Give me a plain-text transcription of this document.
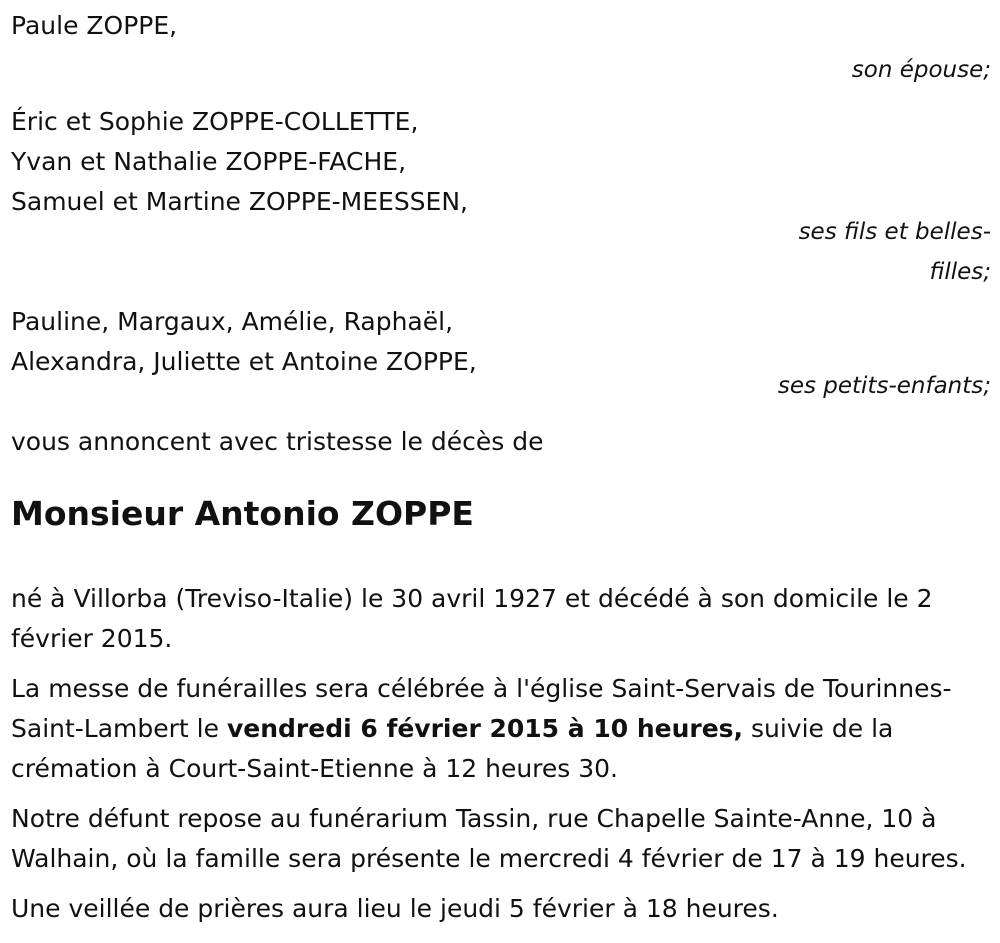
Paule ZOPPE,
son épouse;
Éric et Sophie ZOPPE-COLLETTE,
Yvan et Nathalie ZOPPE-FACHE,
Samuel et Martine ZOPPE-MEESSEN,
ses fils et belles-
filles;
Pauline, Margaux, Amélie, Raphaël,
Alexandra, Juliette et Antoine ZOPPE,
ses petits-enfants;
vous annoncent avec tristesse le décès de
Monsieur Antonio ZOPPE

né à Villorba (Treviso-Italie) le 30 avril 1927 et décédé à son domicile le 2 février 2015.

La messe de funérailles sera célébrée à l'église Saint-Servais de Tourinnes-Saint-Lambert le vendredi 6 février 2015 à 10 heures, suivie de la crémation à Court-Saint-Etienne à 12 heures 30.

Notre défunt repose au funérarium Tassin, rue Chapelle Sainte-Anne, 10 à Walhain, où la famille sera présente le mercredi 4 février de 17 à 19 heures.

Une veillée de prières aura lieu le jeudi 5 février à 18 heures.
